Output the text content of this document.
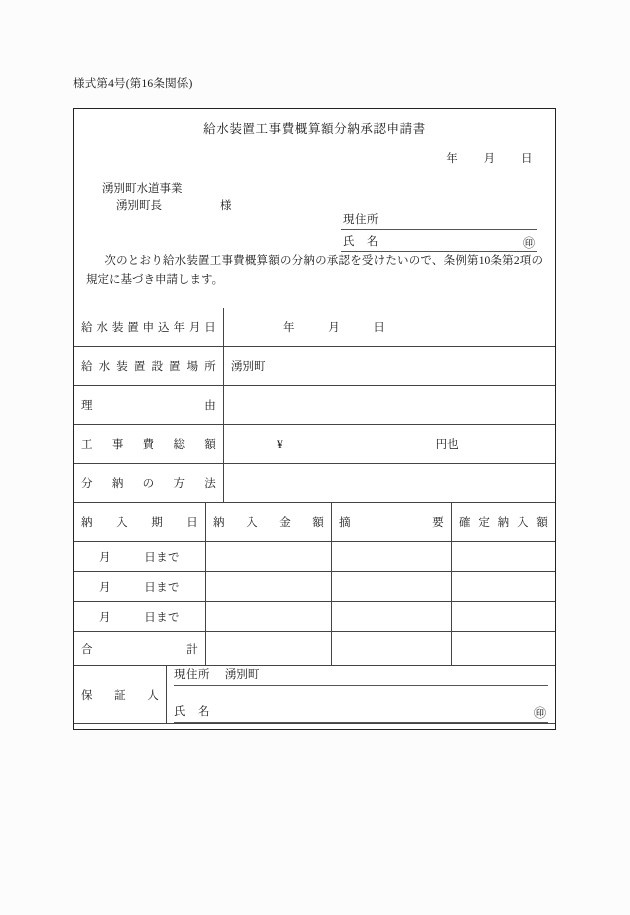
様式第4号(第16条関係)
給水装置工事費概算額分納承認申請書
年 月 日
湧別町水道事業
湧別町長	様
現住所
氏　名	㊞
次のとおり給水装置工事費概算額の分納の承認を受けたいので、条例第10条第2項の規定に基づき申請します。
給 水 装 置 申 込 年 月 日	年	月	日

給 水 装 置 設 置 場 所	湧別町

理 由	

工 事 費 総 額	¥ 円也

分 納 の 方 法	

納 入 期 日	納 入 金 額	摘 要	確 定 納 入 額

月 日まで			

月 日まで			

月 日まで			

合 計			

保 証 人

現住所 湧別町
氏　名	㊞
